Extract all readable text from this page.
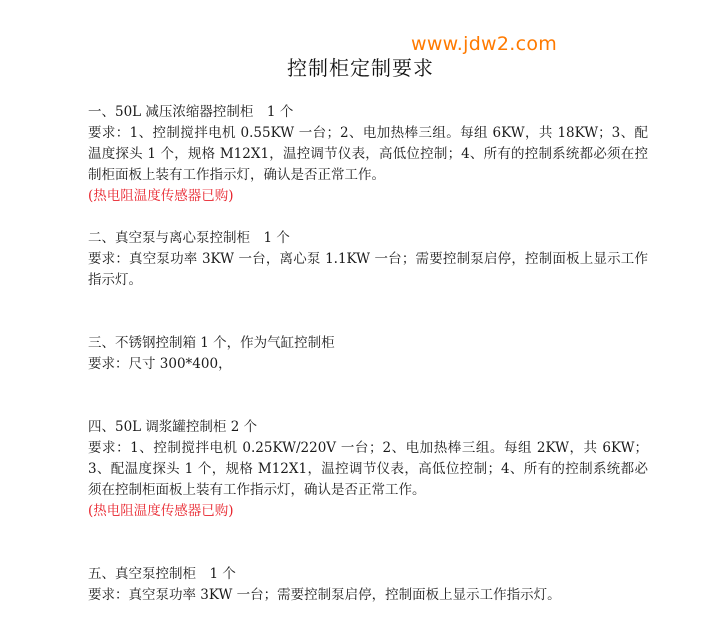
www.jdw2.com
控制柜定制要求

一、50L 减压浓缩器控制柜　1 个

要求：1、控制搅拌电机 0.55KW 一台；2、电加热棒三组。每组 6KW，共 18KW；3、配温度探头 1 个，规格 M12X1，温控调节仪表，高低位控制；4、所有的控制系统都必须在控制柜面板上装有工作指示灯，确认是否正常工作。

(热电阻温度传感器已购)

二、真空泵与离心泵控制柜　1 个

要求：真空泵功率 3KW 一台，离心泵 1.1KW 一台；需要控制泵启停，控制面板上显示工作指示灯。

三、不锈钢控制箱 1 个，作为气缸控制柜

要求：尺寸 300*400，

四、50L 调浆罐控制柜 2 个

要求：1、控制搅拌电机 0.25KW/220V 一台；2、电加热棒三组。每组 2KW，共 6KW；3、配温度探头 1 个，规格 M12X1，温控调节仪表，高低位控制；4、所有的控制系统都必须在控制柜面板上装有工作指示灯，确认是否正常工作。

(热电阻温度传感器已购)

五、真空泵控制柜　1 个

要求：真空泵功率 3KW 一台；需要控制泵启停，控制面板上显示工作指示灯。
